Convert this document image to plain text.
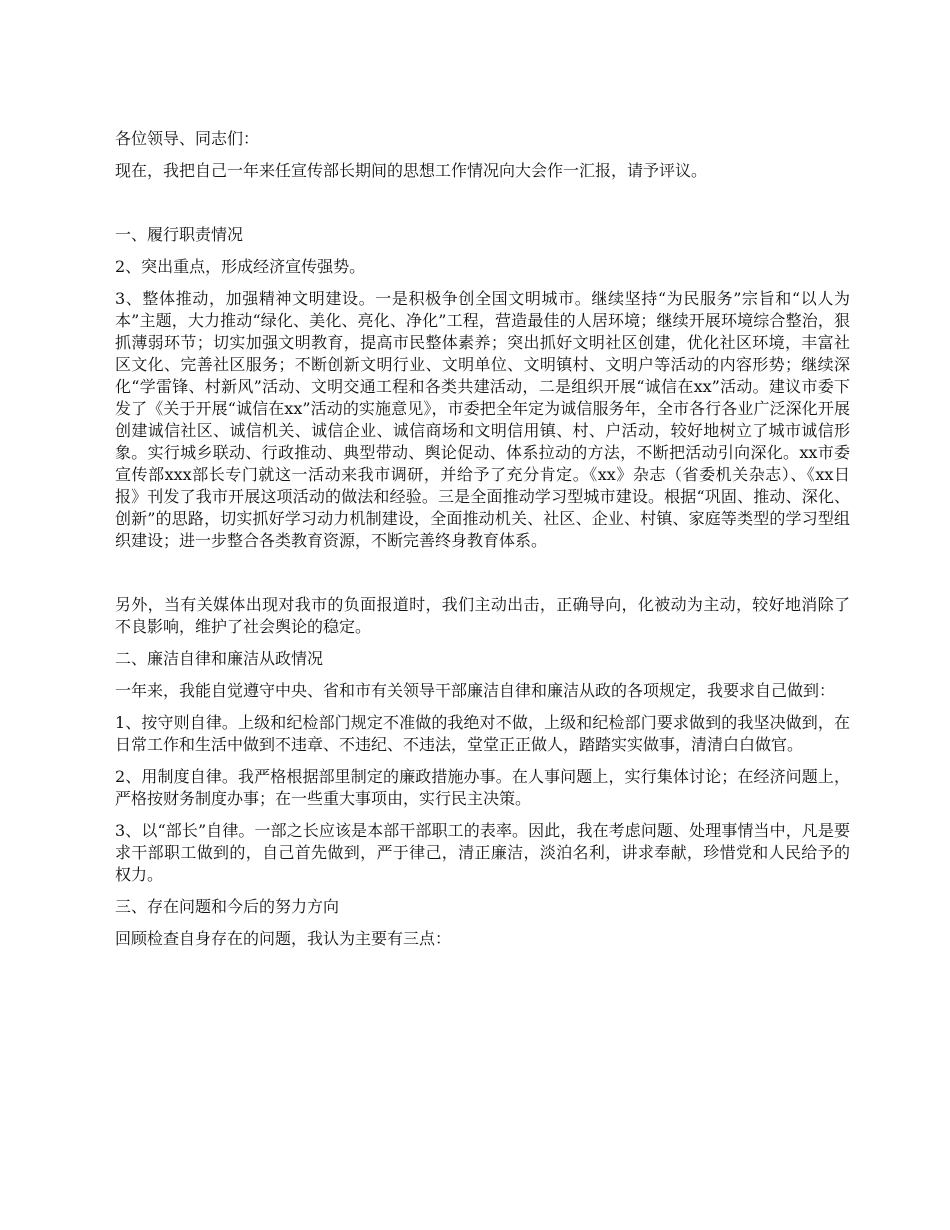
各位领导、同志们：

现在，我把自己一年来任宣传部长期间的思想工作情况向大会作一汇报，请予评议。

一、履行职责情况

2、突出重点，形成经济宣传强势。

3、整体推动，加强精神文明建设。一是积极争创全国文明城市。继续坚持“为民服务”宗旨和“以人为本”主题，大力推动“绿化、美化、亮化、净化”工程，营造最佳的人居环境；继续开展环境综合整治，狠抓薄弱环节；切实加强文明教育，提高市民整体素养；突出抓好文明社区创建，优化社区环境，丰富社区文化、完善社区服务；不断创新文明行业、文明单位、文明镇村、文明户等活动的内容形势；继续深化“学雷锋、村新风”活动、文明交通工程和各类共建活动，二是组织开展“诚信在xx”活动。建议市委下发了《关于开展“诚信在xx”活动的实施意见》，市委把全年定为诚信服务年，全市各行各业广泛深化开展创建诚信社区、诚信机关、诚信企业、诚信商场和文明信用镇、村、户活动，较好地树立了城市诚信形象。实行城乡联动、行政推动、典型带动、舆论促动、体系拉动的方法，不断把活动引向深化。xx市委宣传部xxx部长专门就这一活动来我市调研，并给予了充分肯定。《xx》杂志（省委机关杂志）、《xx日报》刊发了我市开展这项活动的做法和经验。三是全面推动学习型城市建设。根据“巩固、推动、深化、创新”的思路，切实抓好学习动力机制建设，全面推动机关、社区、企业、村镇、家庭等类型的学习型组织建设；进一步整合各类教育资源，不断完善终身教育体系。

另外，当有关媒体出现对我市的负面报道时，我们主动出击，正确导向，化被动为主动，较好地消除了不良影响，维护了社会舆论的稳定。

二、廉洁自律和廉洁从政情况

一年来，我能自觉遵守中央、省和市有关领导干部廉洁自律和廉洁从政的各项规定，我要求自己做到：

1、按守则自律。上级和纪检部门规定不准做的我绝对不做，上级和纪检部门要求做到的我坚决做到，在日常工作和生活中做到不违章、不违纪、不违法，堂堂正正做人，踏踏实实做事，清清白白做官。

2、用制度自律。我严格根据部里制定的廉政措施办事。在人事问题上，实行集体讨论；在经济问题上，严格按财务制度办事；在一些重大事项由，实行民主决策。

3、以“部长”自律。一部之长应该是本部干部职工的表率。因此，我在考虑问题、处理事情当中，凡是要求干部职工做到的，自己首先做到，严于律己，清正廉洁，淡泊名利，讲求奉献，珍惜党和人民给予的权力。

三、存在问题和今后的努力方向

回顾检查自身存在的问题，我认为主要有三点：
